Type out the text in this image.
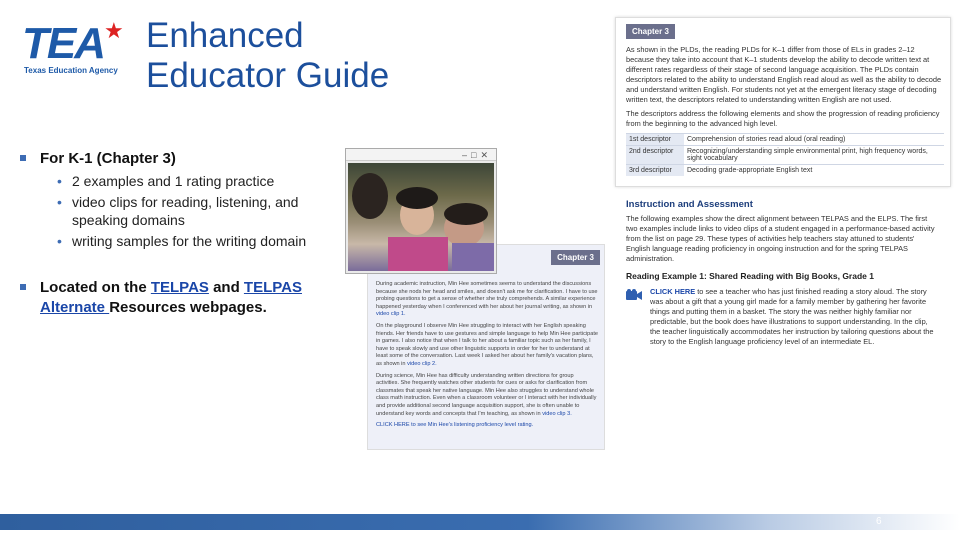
TEA ★
Texas Education Agency
Enhanced
Educator Guide
For K-1 (Chapter 3)
• 2 examples and 1 rating practice
• video clips for reading, listening, and speaking domains
• writing samples for the writing domain
Located on the TELPAS and TELPAS Alternate Resources webpages.
Chapter 3

As shown in the PLDs, the reading PLDs for K–1 differ from those of ELs in grades 2–12 because they take into account that K–1 students develop the ability to decode written text at different rates regardless of their stage of second language acquisition. The PLDs contain descriptors related to the ability to understand English read aloud as well as the ability to decode and understand written English. For students not yet at the emergent literacy stage of decoding written text, the descriptors related to understanding written English are not used.

The descriptors address the following elements and show the progression of reading proficiency from the beginning to the advanced high level.

1st descriptor	Comprehension of stories read aloud (oral reading)
2nd descriptor	Recognizing/understanding simple environmental print, high frequency words, sight vocabulary
3rd descriptor	Decoding grade-appropriate English text
Chapter 3

During academic instruction, Min Hee sometimes seems to understand the discussions because she nods her head and smiles, and doesn't ask me for clarification. I have to use probing questions to get a sense of whether she truly comprehends. A similar experience happened yesterday when I conferenced with her about her journal writing, as shown in video clip 1.

On the playground I observe Min Hee struggling to interact with her English speaking friends. Her friends have to use gestures and simple language to help Min Hee participate in games. I also notice that when I talk to her about a familiar topic such as her family, I have to speak slowly and use other linguistic supports in order for her to understand at least some of the conversation. Last week I asked her about her family's vacation plans, as shown in video clip 2.

During science, Min Hee has difficulty understanding written directions for group activities. She frequently watches other students for cues or asks for clarification from classmates that speak her native language. Min Hee also struggles to understand whole class math instruction. Even when a classroom volunteer or I interact with her individually and provide additional second language acquisition support, she is often unable to understand key words and concepts that I'm teaching, as shown in video clip 3.

CLICK HERE to see Min Hee's listening proficiency level rating.

–□✕
Instruction and Assessment
The following examples show the direct alignment between TELPAS and the ELPS. The first two examples include links to video clips of a student engaged in a performance-based activity from the list on page 29. These types of activities help teachers stay attuned to students' English language reading proficiency in ongoing instruction and for the spring TELPAS administration.
Reading Example 1: Shared Reading with Big Books, Grade 1
CLICK HERE to see a teacher who has just finished reading a story aloud. The story was about a gift that a young girl made for a family member by gathering her favorite things and putting them in a basket. The story the was neither highly familiar nor predictable, but the book does have illustrations to support understanding. In the clip, the teacher linguistically accommodates her instruction by tailoring questions about the story to the English language proficiency level of an intermediate EL.
6
